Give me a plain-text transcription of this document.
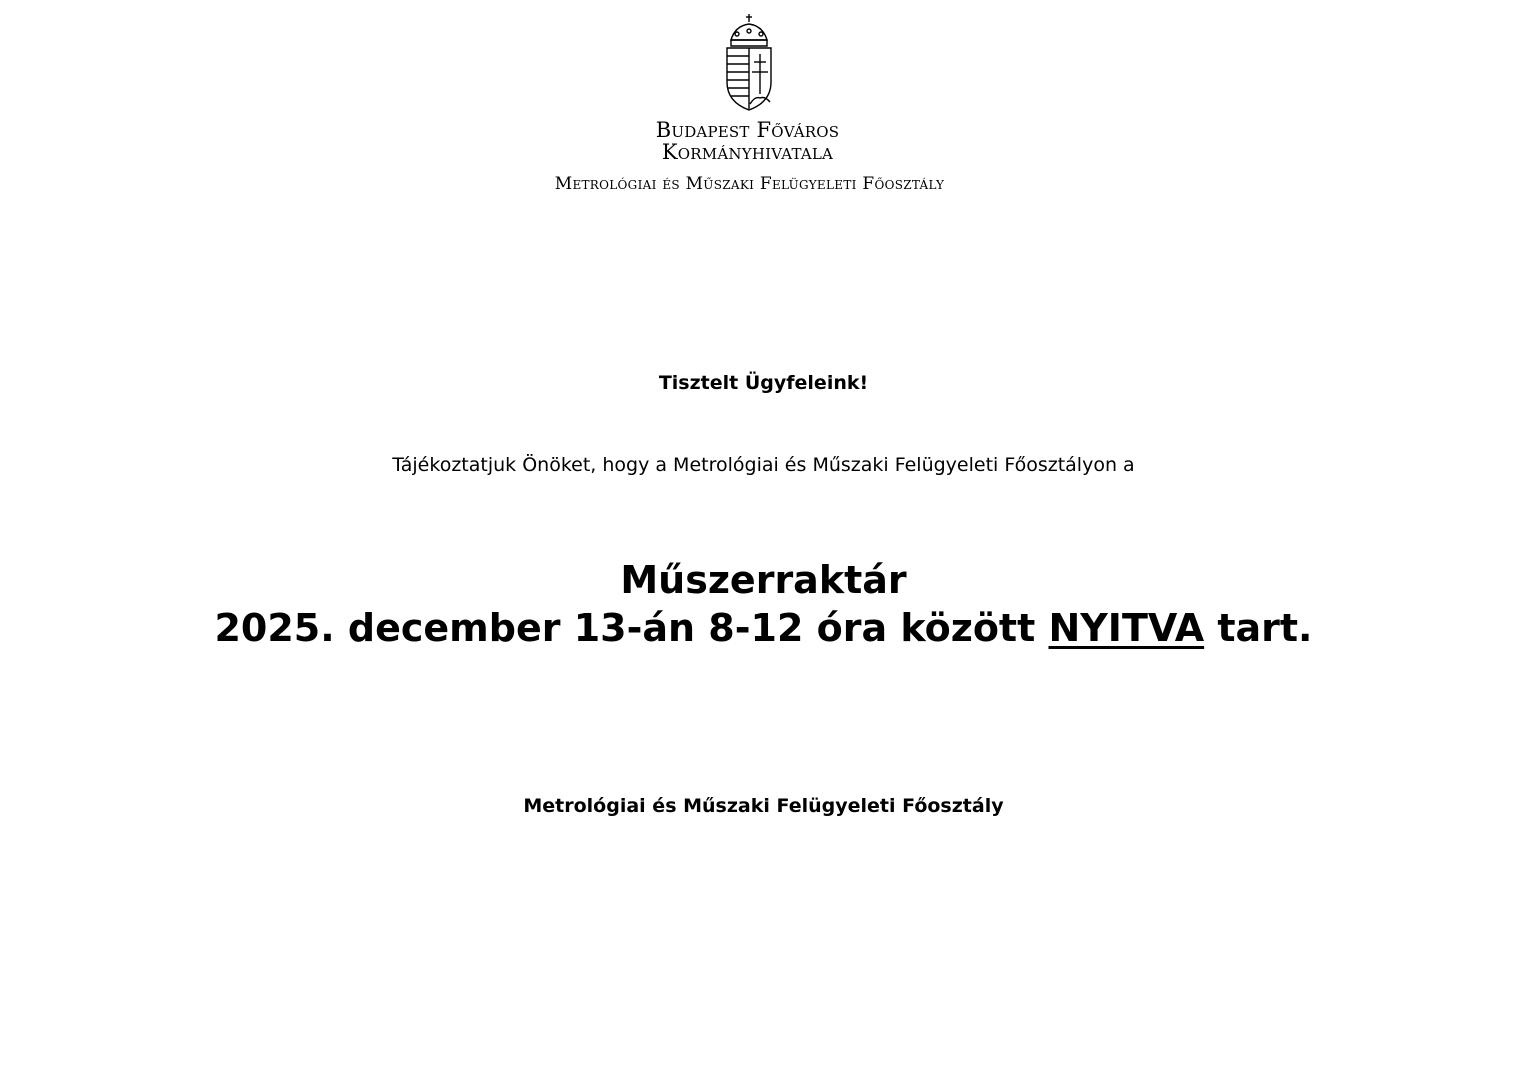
Budapest Főváros
Kormányhivatala
Metrológiai és Műszaki Felügyeleti Főosztály
Tisztelt Ügyfeleink!
Tájékoztatjuk Önöket, hogy a Metrológiai és Műszaki Felügyeleti Főosztályon a
Műszerraktár
2025. december 13-án 8-12 óra között NYITVA tart.
Metrológiai és Műszaki Felügyeleti Főosztály
